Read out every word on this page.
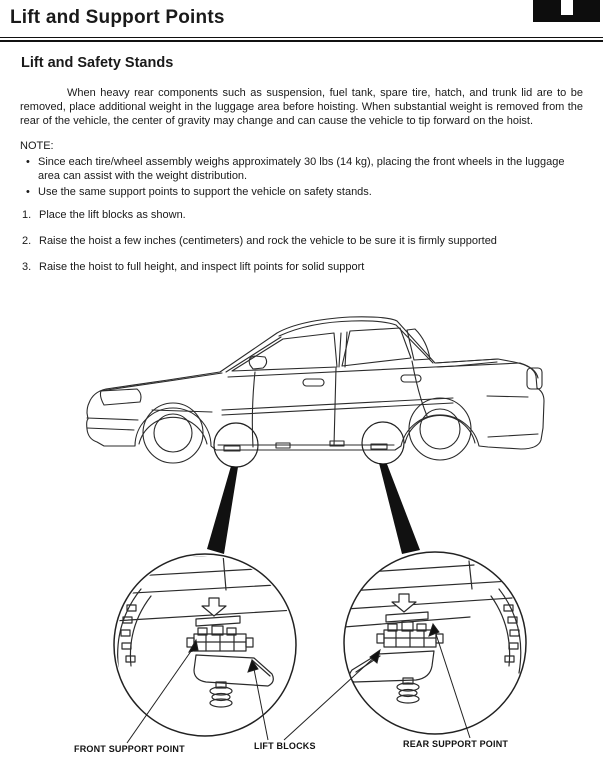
Lift and Support Points
Lift and Safety Stands

When heavy rear components such as suspension, fuel tank, spare tire, hatch, and trunk lid are to be removed, place additional weight in the luggage area before hoisting. When substantial weight is removed from the rear of the vehicle, the center of gravity may change and can cause the vehicle to tip forward on the hoist.

NOTE:
• Since each tire/wheel assembly weighs approximately 30 lbs (14 kg), placing the front wheels in the luggage area can assist with the weight distribution.
• Use the same support points to support the vehicle on safety stands.
1. Place the lift blocks as shown.
2. Raise the hoist a few inches (centimeters) and rock the vehicle to be sure it is firmly supported
3. Raise the hoist to full height, and inspect lift points for solid support
FRONT SUPPORT POINT	LIFT BLOCKS	REAR SUPPORT POINT
